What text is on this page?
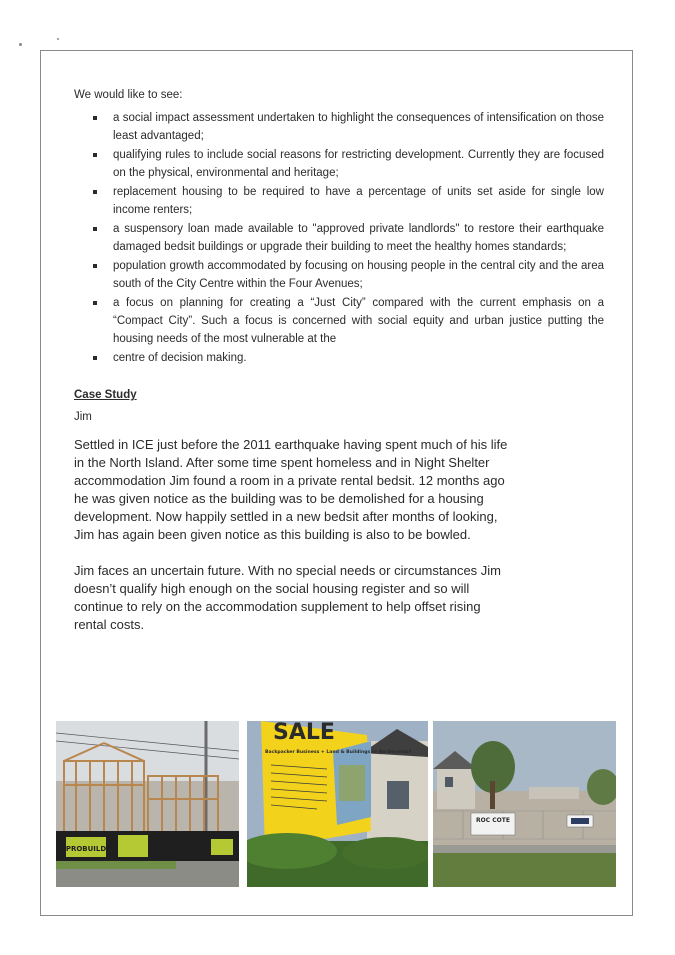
We would like to see:

a social impact assessment undertaken to highlight the consequences of intensification on those least advantaged;
qualifying rules to include social reasons for restricting development. Currently they are focused on the physical, environmental and heritage;
replacement housing to be required to have a percentage of units set aside for single low income renters;
a suspensory loan made available to "approved private landlords" to restore their earthquake damaged bedsit buildings or upgrade their building to meet the healthy homes standards;
population growth accommodated by focusing on housing people in the central city and the area south of the City Centre within the Four Avenues;
a focus on planning for creating a “Just City” compared with the current emphasis on a “Compact City”. Such a focus is concerned with social equity and urban justice putting the housing needs of the most vulnerable at the
centre of decision making.
Case Study
Jim

Settled in ICE just before the 2011 earthquake having spent much of his life in the North Island. After some time spent homeless and in Night Shelter accommodation Jim found a room in a private rental bedsit. 12 months ago he was given notice as the building was to be demolished for a housing development. Now happily settled in a new bedsit after months of looking, Jim has again been given notice as this building is also to be bowled.

Jim faces an uncertain future. With no special needs or circumstances Jim doesn’t qualify high enough on the social housing register and so will continue to rely on the accommodation supplement to help offset rising rental costs.

PROBUILD
SALE
Backpacker Business + Land & Buildings or Re-Develop?
ROC COTE
